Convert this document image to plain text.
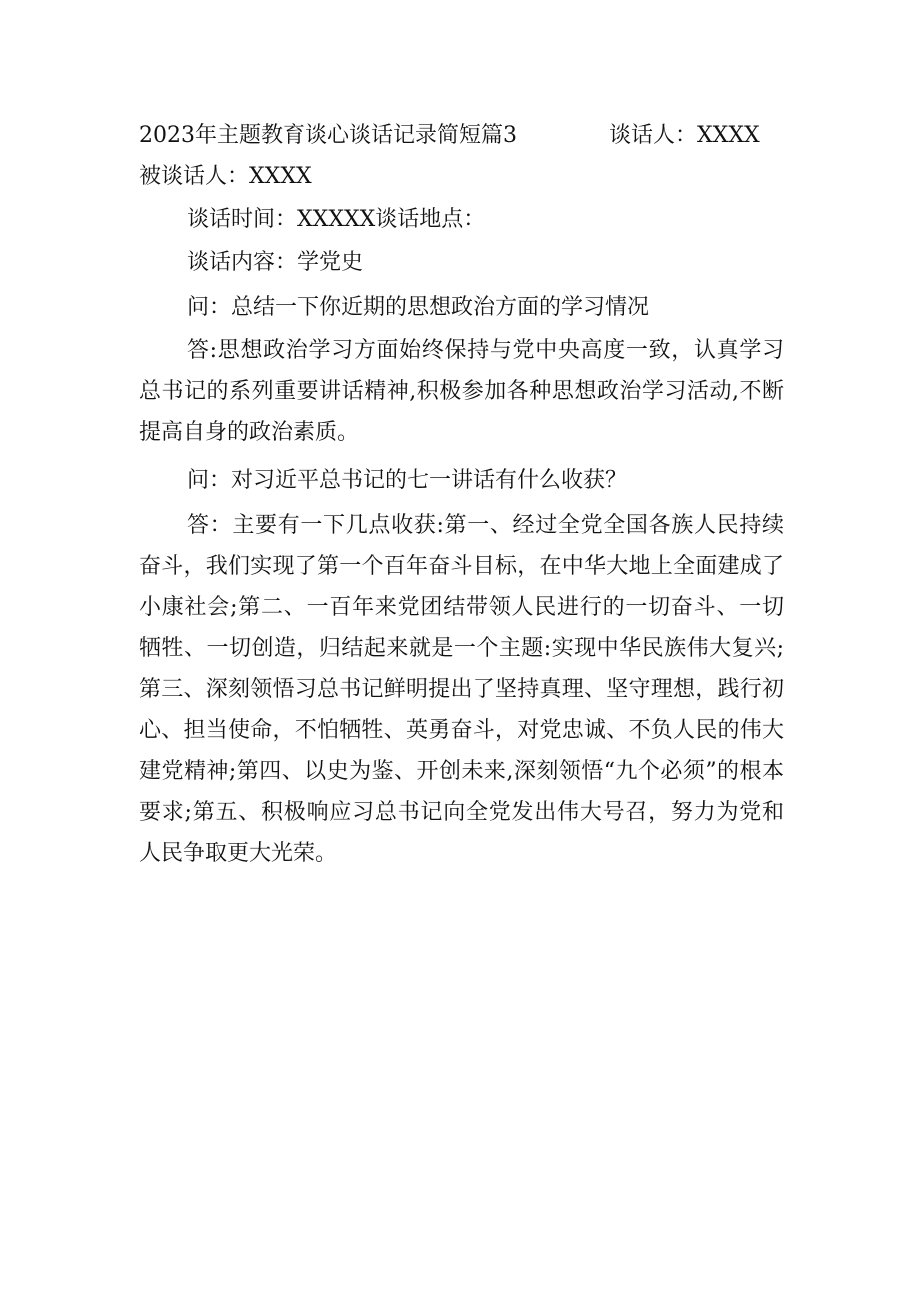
2023年主题教育谈心谈话记录简短篇3	谈话人：XXXX
被谈话人：XXXX
谈话时间：XXXXX谈话地点：
谈话内容：学党史
问：总结一下你近期的思想政治方面的学习情况
答:思想政治学习方面始终保持与党中央高度一致，认真学习总书记的系列重要讲话精神,积极参加各种思想政治学习活动,不断提高自身的政治素质。
问：对习近平总书记的七一讲话有什么收获？
答：主要有一下几点收获:第一、经过全党全国各族人民持续奋斗，我们实现了第一个百年奋斗目标，在中华大地上全面建成了小康社会;第二、一百年来党团结带领人民进行的一切奋斗、一切牺牲、一切创造，归结起来就是一个主题:实现中华民族伟大复兴;第三、深刻领悟习总书记鲜明提出了坚持真理、坚守理想，践行初心、担当使命，不怕牺牲、英勇奋斗，对党忠诚、不负人民的伟大建党精神;第四、以史为鉴、开创未来,深刻领悟“九个必须”的根本要求;第五、积极响应习总书记向全党发出伟大号召，努力为党和人民争取更大光荣。
